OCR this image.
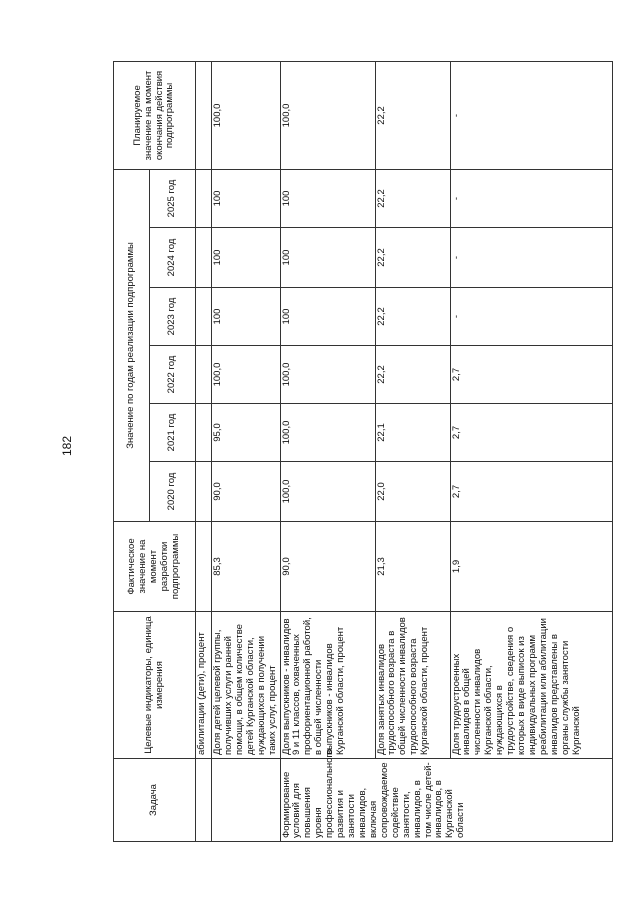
182
Задача	Целевые индикаторы, единица измерения	Фактическое значение на момент разработки подпрограммы	Значение по годам реализации подпрограммы						Планируемое значение на момент окончания действия подпрограммы
			2020 год	2021 год	2022 год	2023 год	2024 год	2025 год	
	абилитации (дети), процент								
	Доля детей целевой группы, получивших услуги ранней помощи, в общем количестве детей Курганской области, нуждающихся в получении таких услуг, процент	85,3	90,0	95,0	100,0	100	100	100	100,0
Формирование условий для повышения уровня профессионального развития и занятости инвалидов, включая сопровождаемое содействие занятости, инвалидов, в том числе детей-инвалидов, в Курганской области	Доля выпускников - инвалидов 9 и 11 классов, охваченных профориентационной работой, в общей численности выпускников - инвалидов Курганской области, процент	90,0	100,0	100,0	100,0	100	100	100	100,0
	Доля занятых инвалидов трудоспособного возраста в общей численности инвалидов трудоспособного возраста Курганской области, процент	21,3	22,0	22,1	22,2	22,2	22,2	22,2	22,2
	Доля трудоустроенных инвалидов в общей численности инвалидов Курганской области, нуждающихся в трудоустройстве, сведения о которых в виде выписок из индивидуальных программ реабилитации или абилитации инвалидов представлены в органы службы занятости Курганской	1,9	2,7	2,7	2,7	-	-	-	-
